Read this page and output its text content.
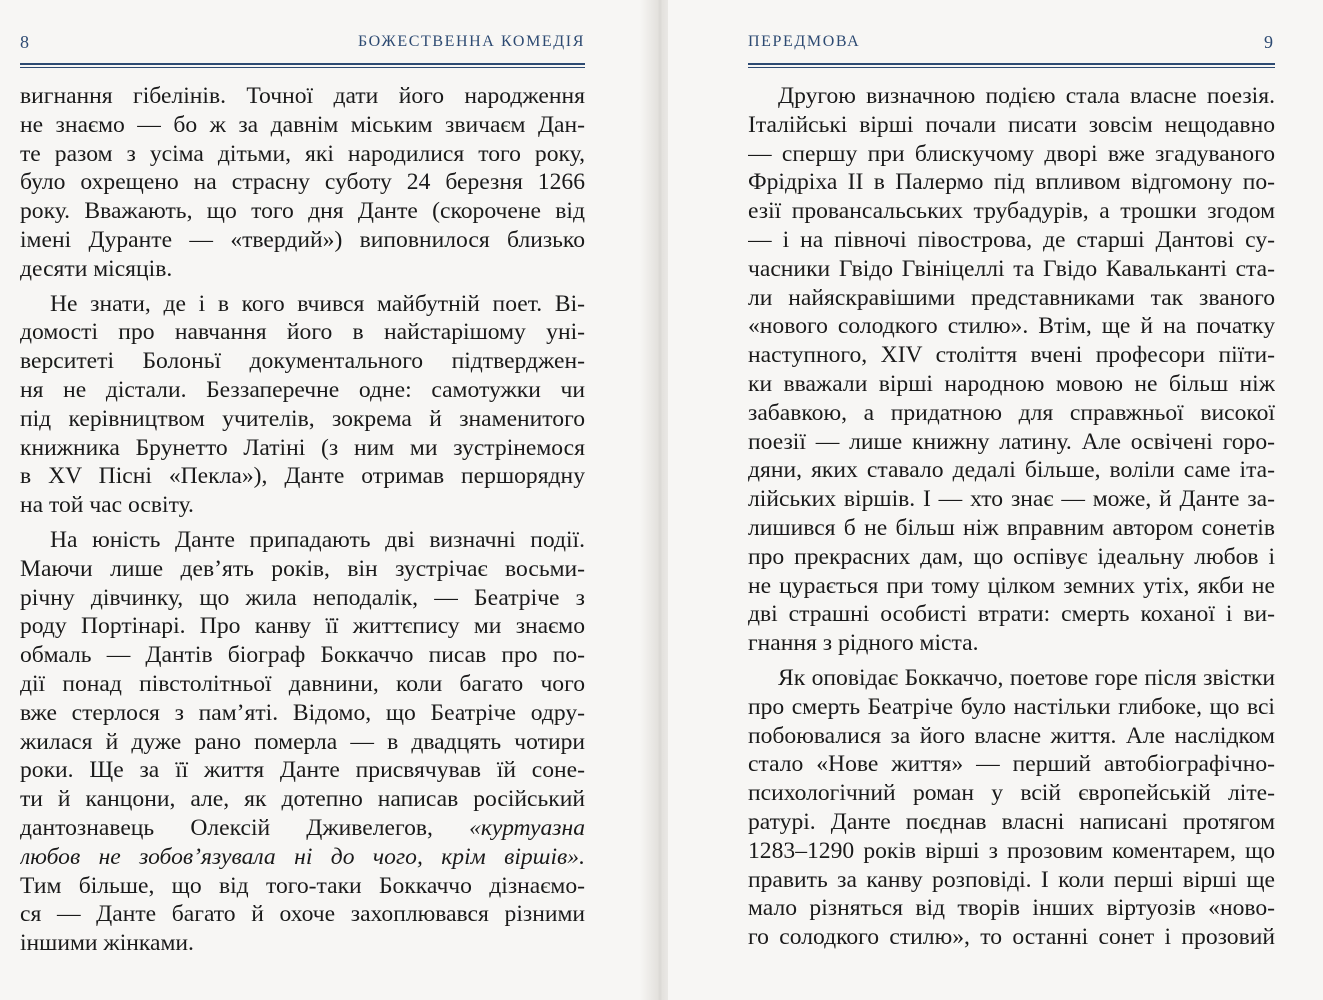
8	БОЖЕСТВЕННА КОМЕДІЯ
вигнання гібелінів. Точної дати його народження
не знаємо — бо ж за давнім міським звичаєм Дан-
те разом з усіма дітьми, які народилися того року,
було охрещено на страсну суботу 24 березня 1266
року. Вважають, що того дня Данте (скорочене від
імені Дуранте — «твердий») виповнилося близько
десяти місяців.
Не знати, де і в кого вчився майбутній поет. Ві-
домості про навчання його в найстарішому уні-
верситеті Болоньї документального підтверджен-
ня не дістали. Беззаперечне одне: самотужки чи
під керівництвом учителів, зокрема й знаменитого
книжника Брунетто Латіні (з ним ми зустрінемося
в XV Пісні «Пекла»), Данте отримав першорядну
на той час освіту.
На юність Данте припадають дві визначні події.
Маючи лише дев’ять років, він зустрічає восьми-
річну дівчинку, що жила неподалік, — Беатріче з
роду Портінарі. Про канву її життєпису ми знаємо
обмаль — Дантів біограф Боккаччо писав про по-
дії понад півстолітньої давнини, коли багато чого
вже стерлося з пам’яті. Відомо, що Беатріче одру-
жилася й дуже рано померла — в двадцять чотири
роки. Ще за її життя Данте присвячував їй соне-
ти й канцони, але, як дотепно написав російський
дантознавець Олексій Дживелегов, «куртуазна
любов не зобов’язувала ні до чого, крім віршів».
Тим більше, що від того-таки Боккаччо дізнаємо-
ся — Данте багато й охоче захоплювався різними
іншими жінками.
ПЕРЕДМОВА	9
Другою визначною подією стала власне поезія.
Італійські вірші почали писати зовсім нещодавно
— спершу при блискучому дворі вже згадуваного
Фрідріха II в Палермо під впливом відгомону по-
езії провансальських трубадурів, а трошки згодом
— і на півночі півострова, де старші Дантові су-
часники Гвідо Гвініцеллі та Гвідо Кавальканті ста-
ли найяскравішими представниками так званого
«нового солодкого стилю». Втім, ще й на початку
наступного, XIV століття вчені професори піїти-
ки вважали вірші народною мовою не більш ніж
забавкою, а придатною для справжньої високої
поезії — лише книжну латину. Але освічені горо-
дяни, яких ставало дедалі більше, воліли саме іта-
лійських віршів. І — хто знає — може, й Данте за-
лишився б не більш ніж вправним автором сонетів
про прекрасних дам, що оспівує ідеальну любов і
не цурається при тому цілком земних утіх, якби не
дві страшні особисті втрати: смерть коханої і ви-
гнання з рідного міста.
Як оповідає Боккаччо, поетове горе після звістки
про смерть Беатріче було настільки глибоке, що всі
побоювалися за його власне життя. Але наслідком
стало «Нове життя» — перший автобіографічно-
психологічний роман у всій європейській літе-
ратурі. Данте поєднав власні написані протягом
1283–1290 років вірші з прозовим коментарем, що
править за канву розповіді. І коли перші вірші ще
мало різняться від творів інших віртуозів «ново-
го солодкого стилю», то останні сонет і прозовий
